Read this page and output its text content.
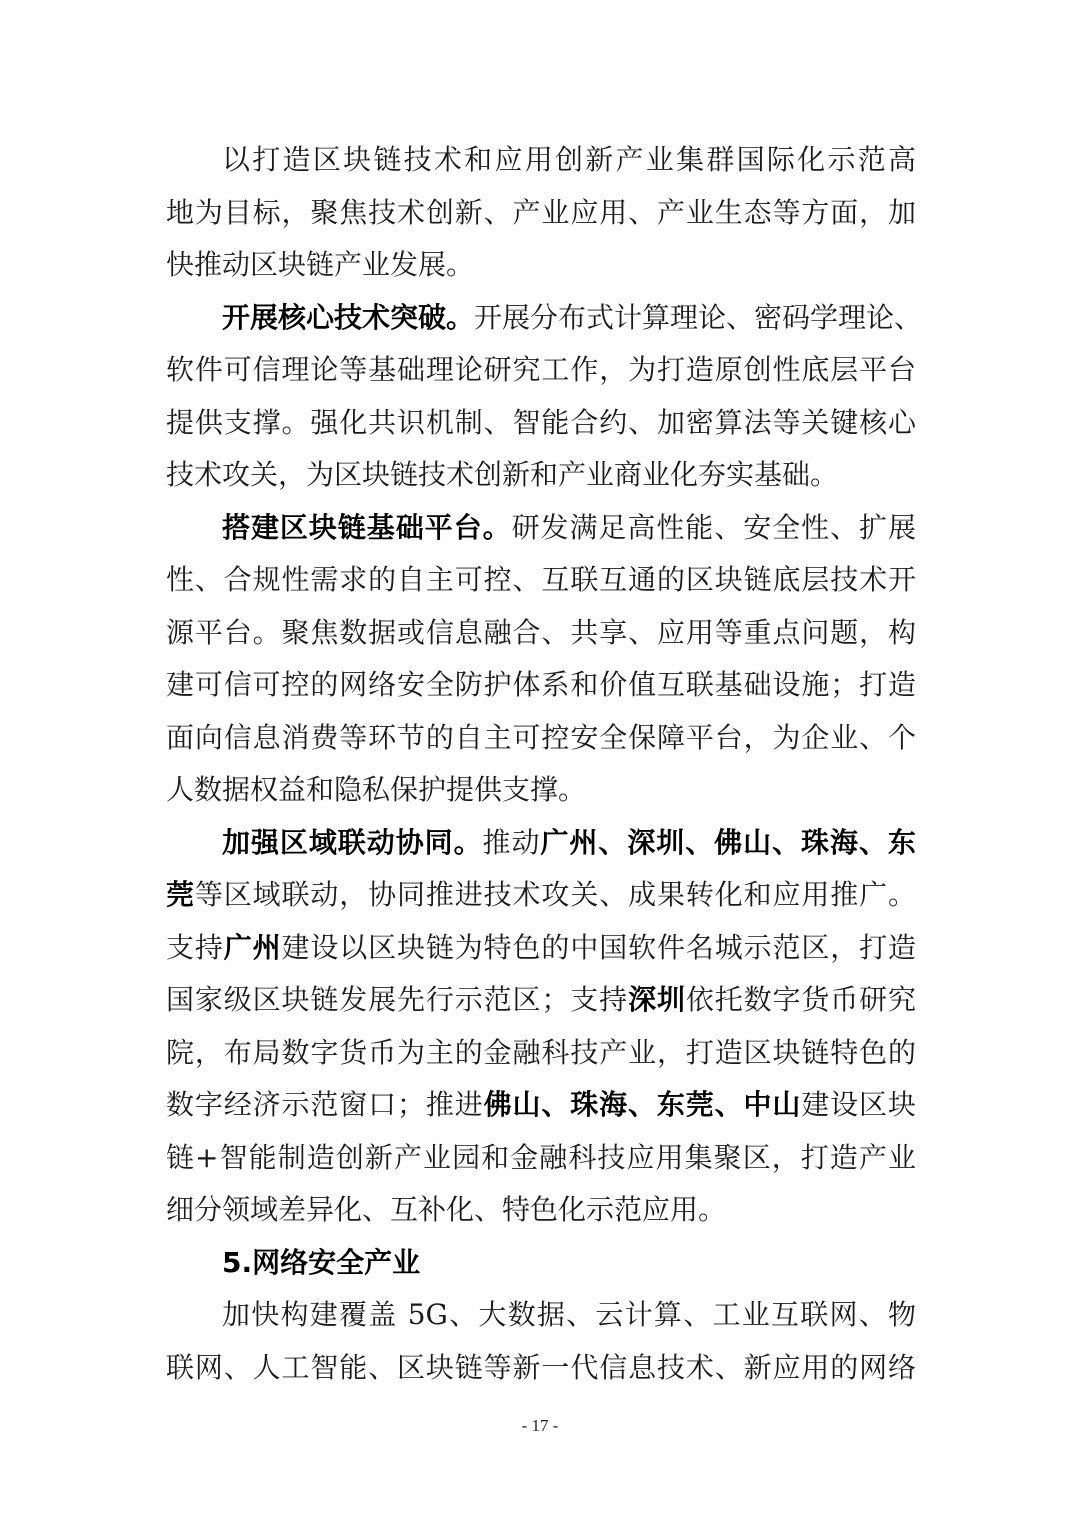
以打造区块链技术和应用创新产业集群国际化示范高
地为目标，聚焦技术创新、产业应用、产业生态等方面，加
快推动区块链产业发展。
开展核心技术突破。开展分布式计算理论、密码学理论、
软件可信理论等基础理论研究工作，为打造原创性底层平台
提供支撑。强化共识机制、智能合约、加密算法等关键核心
技术攻关，为区块链技术创新和产业商业化夯实基础。
搭建区块链基础平台。研发满足高性能、安全性、扩展
性、合规性需求的自主可控、互联互通的区块链底层技术开
源平台。聚焦数据或信息融合、共享、应用等重点问题，构
建可信可控的网络安全防护体系和价值互联基础设施；打造
面向信息消费等环节的自主可控安全保障平台，为企业、个
人数据权益和隐私保护提供支撑。
加强区域联动协同。推动广州、深圳、佛山、珠海、东
莞等区域联动，协同推进技术攻关、成果转化和应用推广。
支持广州建设以区块链为特色的中国软件名城示范区，打造
国家级区块链发展先行示范区；支持深圳依托数字货币研究
院，布局数字货币为主的金融科技产业，打造区块链特色的
数字经济示范窗口；推进佛山、珠海、东莞、中山建设区块
链+智能制造创新产业园和金融科技应用集聚区，打造产业
细分领域差异化、互补化、特色化示范应用。
5.网络安全产业
加快构建覆盖 5G、大数据、云计算、工业互联网、物
联网、人工智能、区块链等新一代信息技术、新应用的网络
- 17 -
